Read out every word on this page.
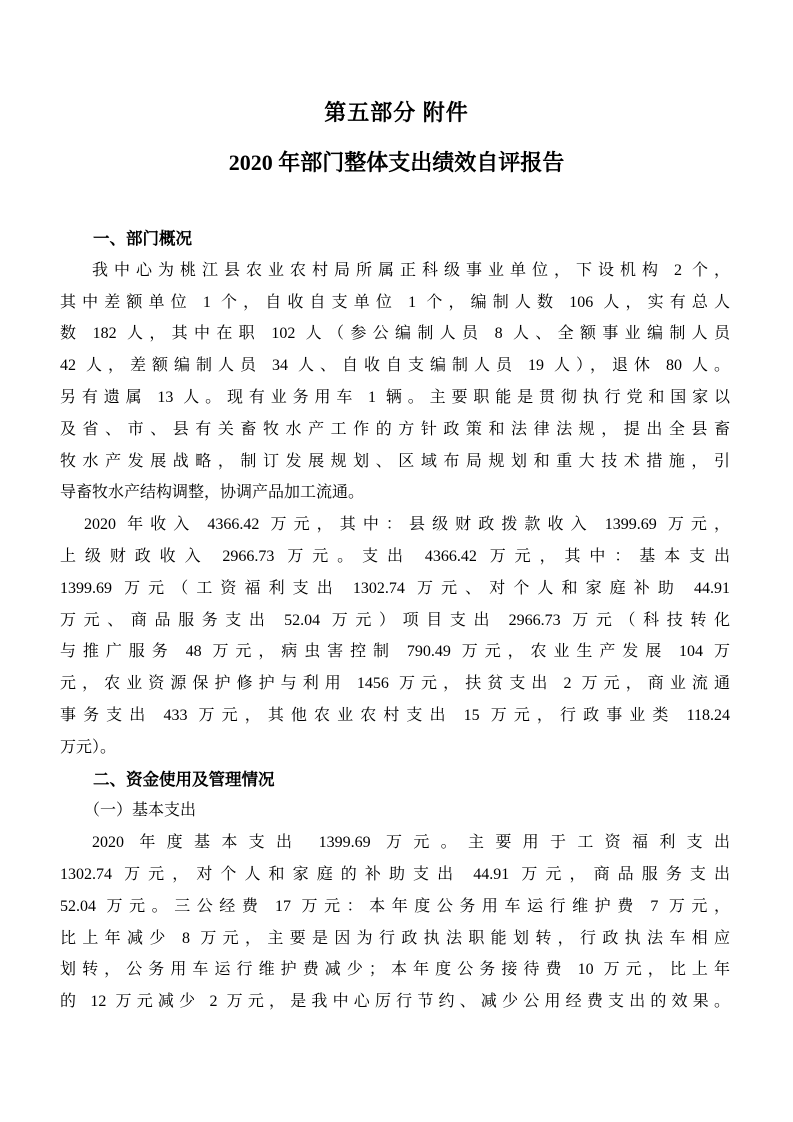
第五部分 附件
2020 年部门整体支出绩效自评报告
一、部门概况
我中心为桃江县农业农村局所属正科级事业单位，下设机构 2 个，
其中差额单位 1 个，自收自支单位 1 个，编制人数 106 人，实有总人
数 182 人，其中在职 102 人（参公编制人员 8 人、全额事业编制人员
42 人，差额编制人员 34 人、自收自支编制人员 19 人），退休 80 人。
另有遗属 13 人。现有业务用车 1 辆。主要职能是贯彻执行党和国家以
及省、市、县有关畜牧水产工作的方针政策和法律法规，提出全县畜
牧水产发展战略，制订发展规划、区域布局规划和重大技术措施，引
导畜牧水产结构调整，协调产品加工流通。
2020 年收入 4366.42 万元，其中：县级财政拨款收入 1399.69 万元，
上级财政收入 2966.73 万元。支出 4366.42 万元，其中：基本支出
1399.69 万元（工资福利支出 1302.74 万元、对个人和家庭补助 44.91
万元、商品服务支出 52.04 万元）项目支出 2966.73 万元（科技转化
与推广服务 48 万元，病虫害控制 790.49 万元，农业生产发展 104 万
元，农业资源保护修护与利用 1456 万元，扶贫支出 2 万元，商业流通
事务支出 433 万元，其他农业农村支出 15 万元，行政事业类 118.24
万元）。
二、资金使用及管理情况
（一）基本支出
2020 年度基本支出 1399.69 万元。主要用于工资福利支出
1302.74 万元，对个人和家庭的补助支出 44.91 万元，商品服务支出
52.04 万元。三公经费 17 万元：本年度公务用车运行维护费 7 万元，
比上年减少 8 万元，主要是因为行政执法职能划转，行政执法车相应
划转，公务用车运行维护费减少；本年度公务接待费 10 万元，比上年
的 12 万元减少 2 万元，是我中心厉行节约、减少公用经费支出的效果。
